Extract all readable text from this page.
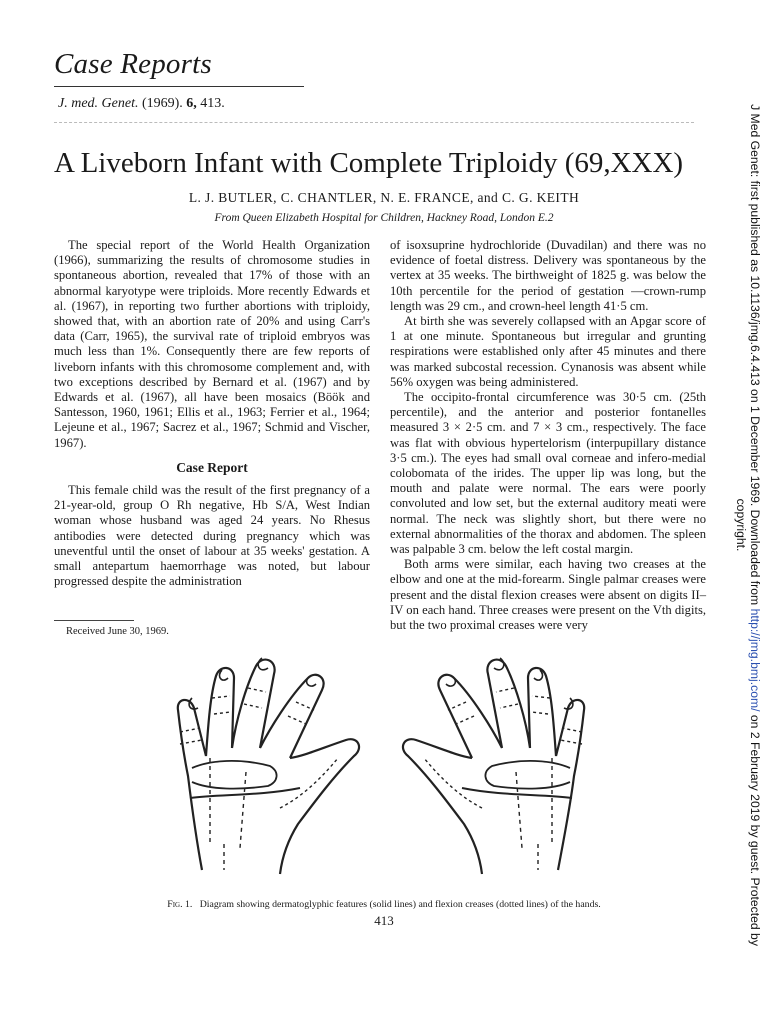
Case Reports
J. med. Genet. (1969). 6, 413.
A Liveborn Infant with Complete Triploidy (69,XXX)
L. J. BUTLER, C. CHANTLER, N. E. FRANCE, and C. G. KEITH
From Queen Elizabeth Hospital for Children, Hackney Road, London E.2

The special report of the World Health Organization (1966), summarizing the results of chromosome studies in spontaneous abortion, revealed that 17% of those with an abnormal karyotype were triploids. More recently Edwards et al. (1967), in reporting two further abortions with triploidy, showed that, with an abortion rate of 20% and using Carr's data (Carr, 1965), the survival rate of triploid embryos was much less than 1%. Consequently there are few reports of liveborn infants with this chromosome complement and, with two exceptions described by Bernard et al. (1967) and by Edwards et al. (1967), all have been mosaics (Böök and Santesson, 1960, 1961; Ellis et al., 1963; Ferrier et al., 1964; Lejeune et al., 1967; Sacrez et al., 1967; Schmid and Vischer, 1967).

Case Report

This female child was the result of the first pregnancy of a 21-year-old, group O Rh negative, Hb S/A, West Indian woman whose husband was aged 24 years. No Rhesus antibodies were detected during pregnancy which was uneventful until the onset of labour at 35 weeks' gestation. A small antepartum haemorrhage was noted, but labour progressed despite the administration

of isoxsuprine hydrochloride (Duvadilan) and there was no evidence of foetal distress. Delivery was spontaneous by the vertex at 35 weeks. The birthweight of 1825 g. was below the 10th percentile for the period of gestation —crown-rump length was 29 cm., and crown-heel length 41·5 cm.

At birth she was severely collapsed with an Apgar score of 1 at one minute. Spontaneous but irregular and grunting respirations were established only after 45 minutes and there was marked subcostal recession. Cynanosis was absent while 56% oxygen was being administered.

The occipito-frontal circumference was 30·5 cm. (25th percentile), and the anterior and posterior fontanelles measured 3 × 2·5 cm. and 7 × 3 cm., respectively. The face was flat with obvious hypertelorism (interpupillary distance 3·5 cm.). The eyes had small oval corneae and infero-medial colobomata of the irides. The upper lip was long, but the mouth and palate were normal. The ears were poorly convoluted and low set, but the external auditory meati were normal. The neck was slightly short, but there were no external abnormalities of the thorax and abdomen. The spleen was palpable 3 cm. below the left costal margin.

Both arms were similar, each having two creases at the elbow and one at the mid-forearm. Single palmar creases were present and the distal flexion creases were absent on digits II–IV on each hand. Three creases were present on the Vth digits, but the two proximal creases were very

Received June 30, 1969.
Fig. 1. Diagram showing dermatoglyphic features (solid lines) and flexion creases (dotted lines) of the hands.
413
J Med Genet: first published as 10.1136/jmg.6.4.413 on 1 December 1969. Downloaded from http://jmg.bmj.com/ on 2 February 2019 by guest. Protected by
copyright.
